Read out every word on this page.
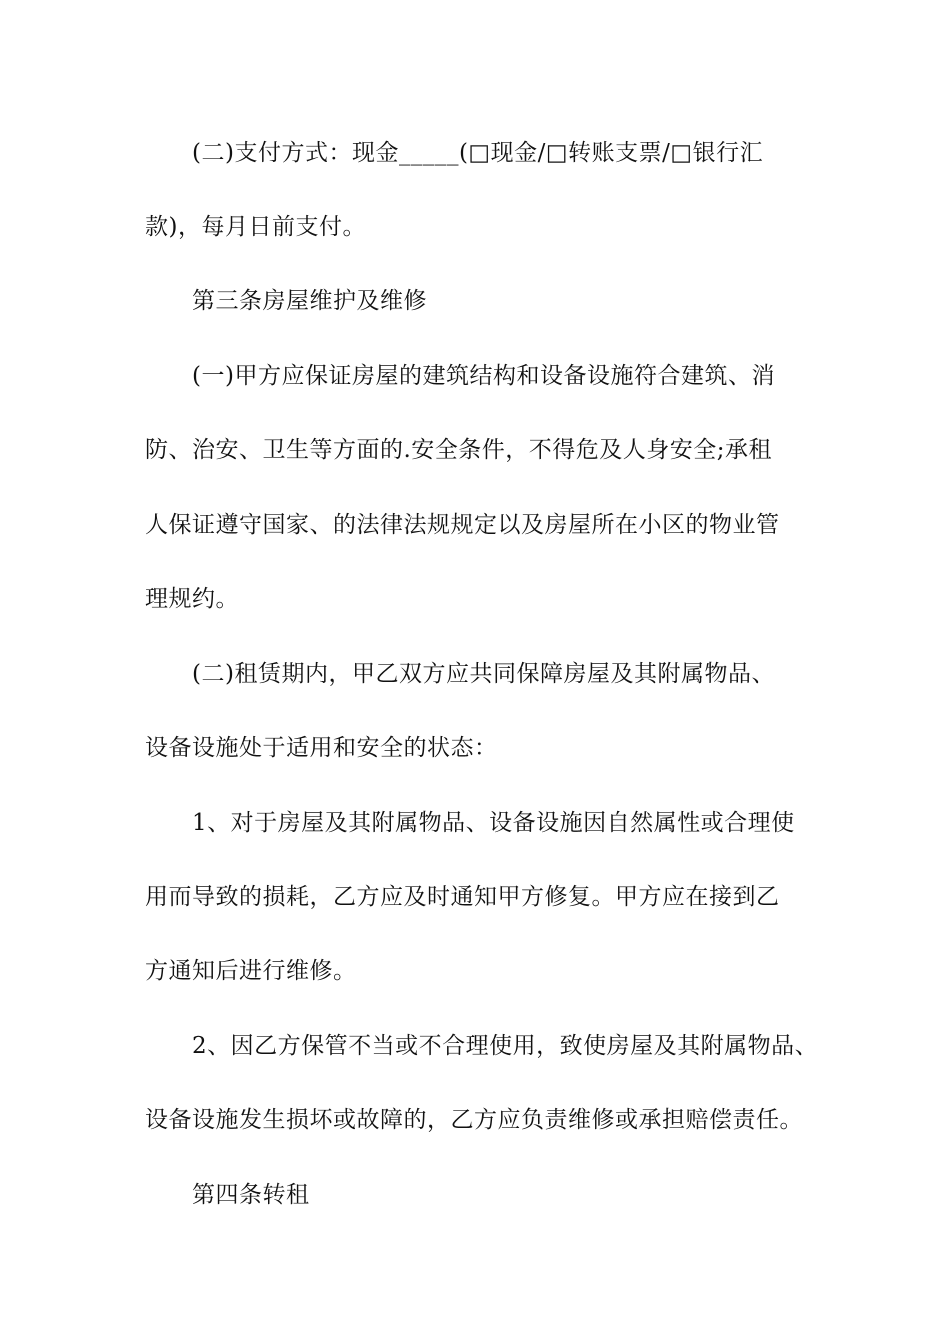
(二)支付方式：现金_____(□现金/□转账支票/□银行汇
款)，每月日前支付。
第三条房屋维护及维修
(一)甲方应保证房屋的建筑结构和设备设施符合建筑、消
防、治安、卫生等方面的.安全条件，不得危及人身安全;承租
人保证遵守国家、的法律法规规定以及房屋所在小区的物业管
理规约。
(二)租赁期内，甲乙双方应共同保障房屋及其附属物品、
设备设施处于适用和安全的状态：
1、对于房屋及其附属物品、设备设施因自然属性或合理使
用而导致的损耗，乙方应及时通知甲方修复。甲方应在接到乙
方通知后进行维修。
2、因乙方保管不当或不合理使用，致使房屋及其附属物品、
设备设施发生损坏或故障的，乙方应负责维修或承担赔偿责任。
第四条转租
